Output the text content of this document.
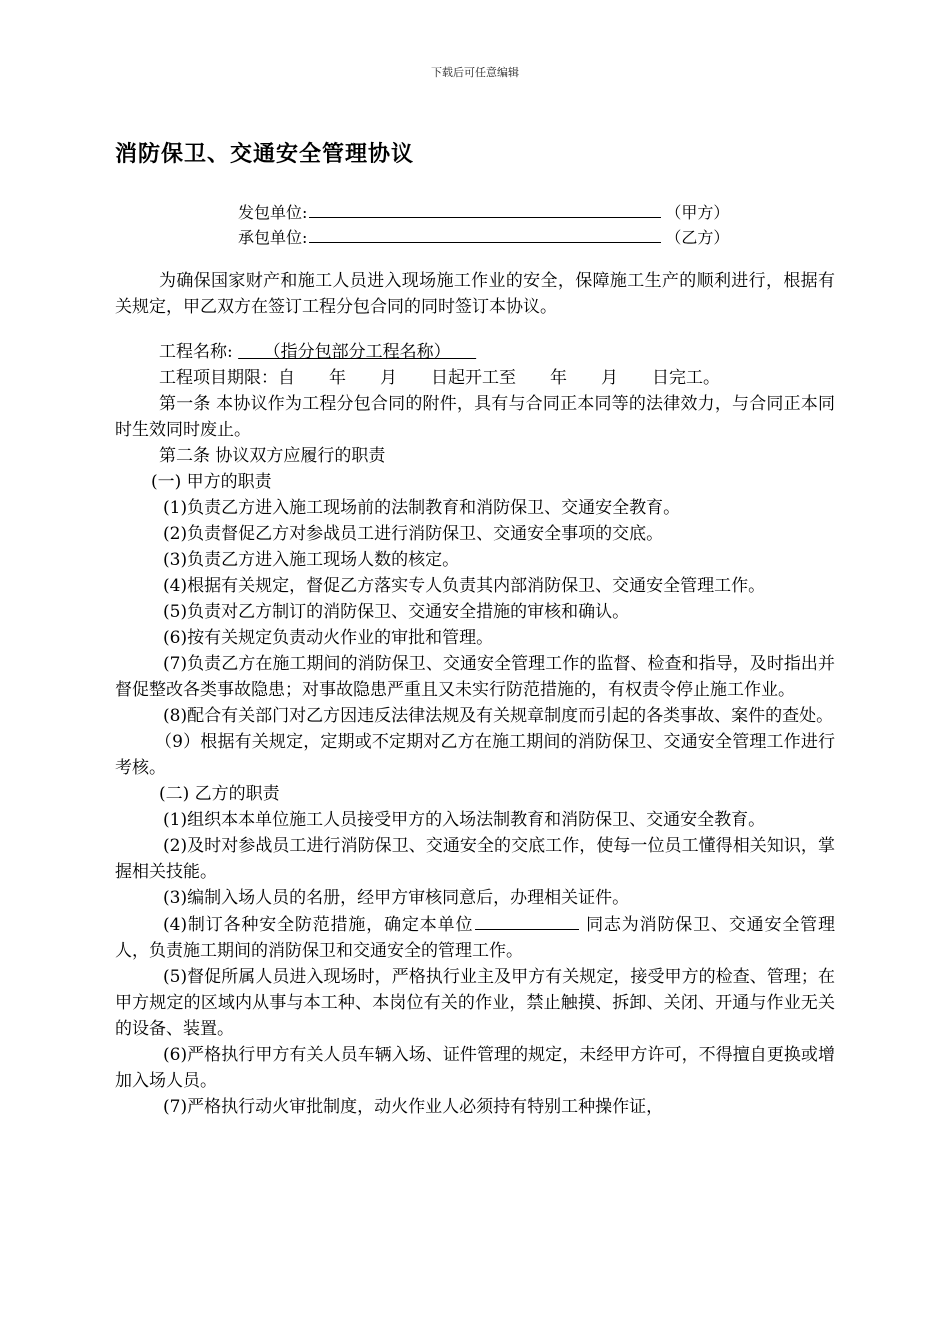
下载后可任意编辑
消防保卫、交通安全管理协议
发包单位:	（甲方）
承包单位:	（乙方）

为确保国家财产和施工人员进入现场施工作业的安全，保障施工生产的顺利进行，根据有关规定，甲乙双方在签订工程分包合同的同时签订本协议。

工程名称: 　　（指分包部分工程名称）　　

工程项目期限：自　　年　　月　　日起开工至　　年　　月　　日完工。

第一条 本协议作为工程分包合同的附件，具有与合同正本同等的法律效力，与合同正本同时生效同时废止。

第二条 协议双方应履行的职责

(一) 甲方的职责

(1)负责乙方进入施工现场前的法制教育和消防保卫、交通安全教育。

(2)负责督促乙方对参战员工进行消防保卫、交通安全事项的交底。

(3)负责乙方进入施工现场人数的核定。

(4)根据有关规定，督促乙方落实专人负责其内部消防保卫、交通安全管理工作。

(5)负责对乙方制订的消防保卫、交通安全措施的审核和确认。

(6)按有关规定负责动火作业的审批和管理。

(7)负责乙方在施工期间的消防保卫、交通安全管理工作的监督、检查和指导，及时指出并督促整改各类事故隐患；对事故隐患严重且又未实行防范措施的，有权责令停止施工作业。

(8)配合有关部门对乙方因违反法律法规及有关规章制度而引起的各类事故、案件的查处。

（9）根据有关规定，定期或不定期对乙方在施工期间的消防保卫、交通安全管理工作进行考核。

(二) 乙方的职责

(1)组织本本单位施工人员接受甲方的入场法制教育和消防保卫、交通安全教育。

(2)及时对参战员工进行消防保卫、交通安全的交底工作，使每一位员工懂得相关知识，掌握相关技能。

(3)编制入场人员的名册，经甲方审核同意后，办理相关证件。

(4)制订各种安全防范措施，确定本单位	同志为消防保卫、交通安全管理人，负责施工期间的消防保卫和交通安全的管理工作。

(5)督促所属人员进入现场时，严格执行业主及甲方有关规定，接受甲方的检查、管理；在甲方规定的区域内从事与本工种、本岗位有关的作业，禁止触摸、拆卸、关闭、开通与作业无关的设备、装置。

(6)严格执行甲方有关人员车辆入场、证件管理的规定，未经甲方许可，不得擅自更换或增加入场人员。

(7)严格执行动火审批制度，动火作业人必须持有特别工种操作证，
